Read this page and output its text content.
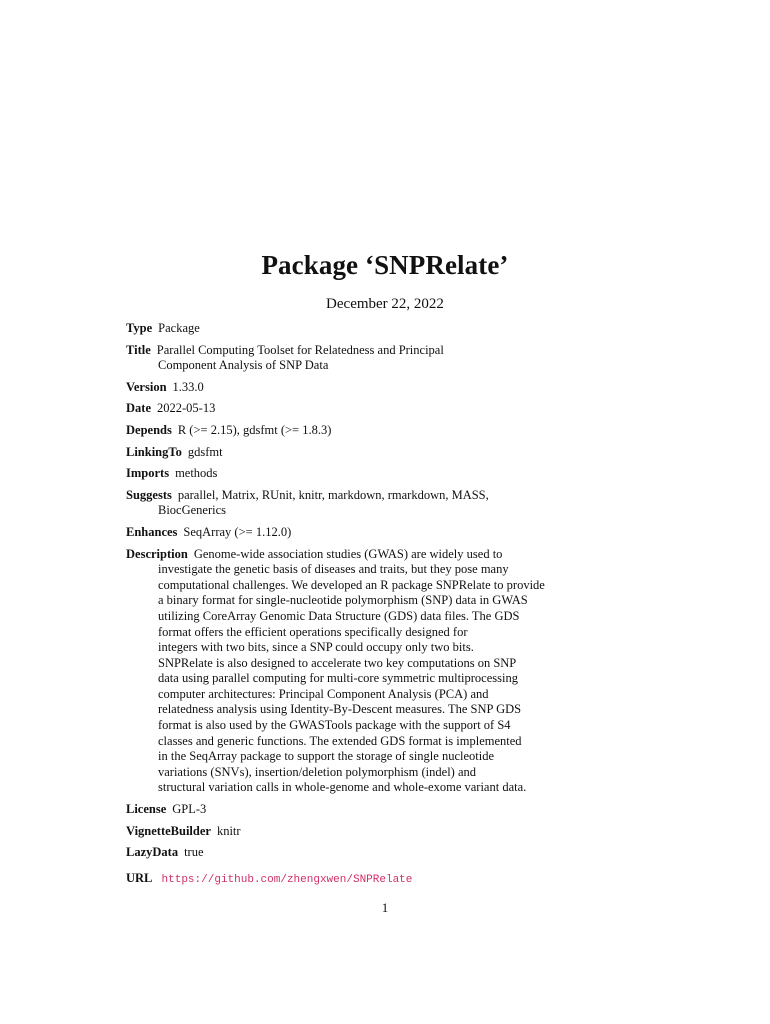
Package ‘SNPRelate’
December 22, 2022
Type Package
Title Parallel Computing Toolset for Relatedness and Principal
Component Analysis of SNP Data
Version 1.33.0
Date 2022-05-13
Depends R (>= 2.15), gdsfmt (>= 1.8.3)
LinkingTo gdsfmt
Imports methods
Suggests parallel, Matrix, RUnit, knitr, markdown, rmarkdown, MASS,
BiocGenerics
Enhances SeqArray (>= 1.12.0)
Description Genome-wide association studies (GWAS) are widely used to
investigate the genetic basis of diseases and traits, but they pose many
computational challenges. We developed an R package SNPRelate to provide
a binary format for single-nucleotide polymorphism (SNP) data in GWAS
utilizing CoreArray Genomic Data Structure (GDS) data files. The GDS
format offers the efficient operations specifically designed for
integers with two bits, since a SNP could occupy only two bits.
SNPRelate is also designed to accelerate two key computations on SNP
data using parallel computing for multi-core symmetric multiprocessing
computer architectures: Principal Component Analysis (PCA) and
relatedness analysis using Identity-By-Descent measures. The SNP GDS
format is also used by the GWASTools package with the support of S4
classes and generic functions. The extended GDS format is implemented
in the SeqArray package to support the storage of single nucleotide
variations (SNVs), insertion/deletion polymorphism (indel) and
structural variation calls in whole-genome and whole-exome variant data.
License GPL-3
VignetteBuilder knitr
LazyData true
URL https://github.com/zhengxwen/SNPRelate
1
